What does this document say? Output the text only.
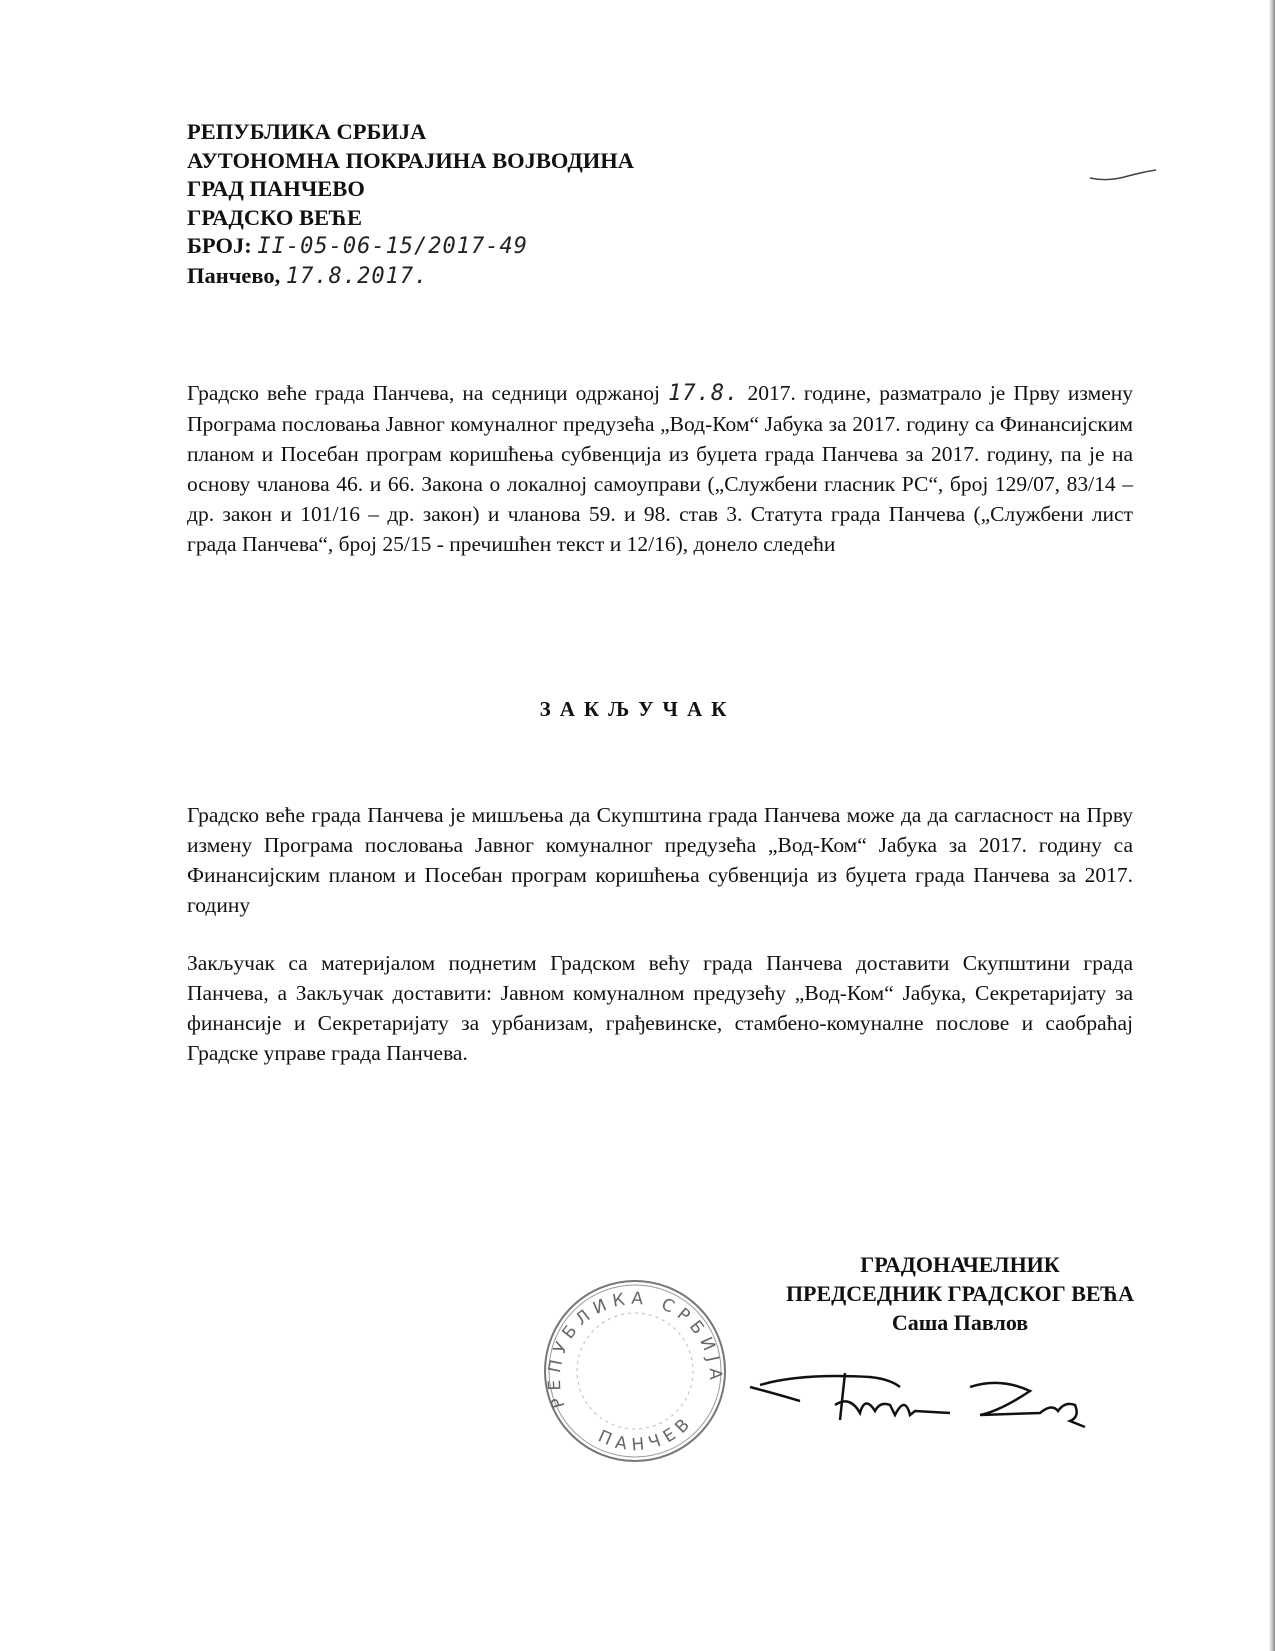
РЕПУБЛИКА СРБИЈА
АУТОНОМНА ПОКРАЈИНА ВОЈВОДИНА
ГРАД ПАНЧЕВО
ГРАДСКО ВЕЋЕ
БРОЈ: II-05-06-15/2017-49
Панчево, 17.8.2017.
Градско веће града Панчева, на седници одржаној 17.8. 2017. године, разматрало је Прву измену Програма пословања Јавног комуналног предузећа „Вод-Ком“ Јабука за 2017. годину са Финансијским планом и Посебан програм коришћења субвенција из буџета града Панчева за 2017. годину, па је на основу чланова 46. и 66. Закона о локалној самоуправи („Службени гласник РС“, број 129/07, 83/14 – др. закон и 101/16 – др. закон) и чланова 59. и 98. став 3. Статута града Панчева („Службени лист града Панчева“, број 25/15 - пречишћен текст и 12/16), донело следећи
ЗАКЉУЧАК
Градско веће града Панчева је мишљења да Скупштина града Панчева може да да сагласност на Прву измену Програма пословања Јавног комуналног предузећа „Вод-Ком“ Јабука за 2017. годину са Финансијским планом и Посебан програм коришћења субвенција из буџета града Панчева за 2017. годину
Закључак са материјалом поднетим Градском већу града Панчева доставити Скупштини града Панчева, а Закључак доставити: Јавном комуналном предузећу „Вод-Ком“ Јабука, Секретаријату за финансије и Секретаријату за урбанизам, грађевинске, стамбено-комуналне послове и саобраћај Градске управе града Панчева.
РЕПУБЛИКА СРБИЈА
ПАНЧЕВ
ГРАДОНАЧЕЛНИК
ПРЕДСЕДНИК ГРАДСКОГ ВЕЋА
Саша Павлов
